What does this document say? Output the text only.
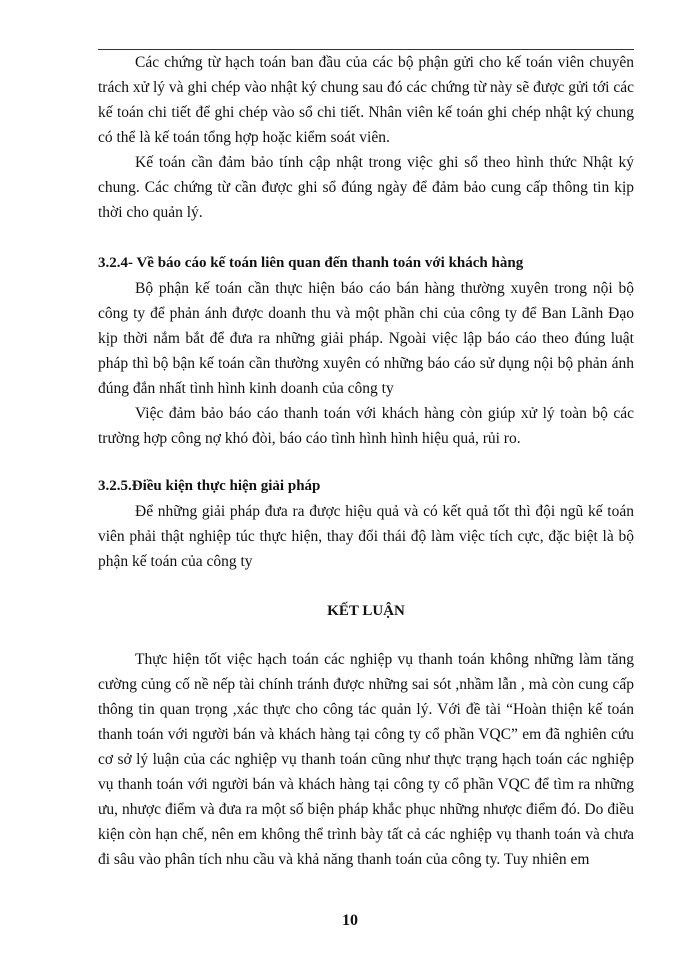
Các chứng từ hạch toán ban đầu của các bộ phận gửi cho kế toán viên chuyên trách xử lý và ghi chép vào nhật ký chung sau đó các chứng từ này sẽ được gửi tới các kế toán chi tiết để ghi chép vào sổ chi tiết. Nhân viên kế toán ghi chép nhật ký chung có thể là kế toán tổng hợp hoặc kiểm soát viên.

Kế toán cần đảm bảo tính cập nhật trong việc ghi sổ theo hình thức Nhật ký chung. Các chứng từ cần được ghi sổ đúng ngày để đảm bảo cung cấp thông tin kịp thời cho quản lý.

3.2.4- Về báo cáo kế toán liên quan đến thanh toán với khách hàng

Bộ phận kế toán cần thực hiện báo cáo bán hàng thường xuyên trong nội bộ công ty để phản ánh được doanh thu và một phần chi của công ty để Ban Lãnh Đạo kịp thời nắm bắt để đưa ra những giải pháp. Ngoài việc lập báo cáo theo đúng luật pháp thì bộ bận kế toán cần thường xuyên có những báo cáo sử dụng nội bộ phản ánh đúng đắn nhất tình hình kinh doanh của công ty

Việc đảm bảo báo cáo thanh toán với khách hàng còn giúp xử lý toàn bộ các trường hợp công nợ khó đòi, báo cáo tình hình hình hiệu quả, rủi ro.

3.2.5.Điều kiện thực hiện giải pháp

Để những giải pháp đưa ra được hiệu quả và có kết quả tốt thì đội ngũ kế toán viên phải thật nghiệp túc thực hiện, thay đổi thái độ làm việc tích cực, đặc biệt là bộ phận kế toán của công ty

KẾT LUẬN

Thực hiện tốt việc hạch toán các nghiệp vụ thanh toán không những làm tăng cường củng cố nề nếp tài chính tránh được những sai sót ,nhầm lẫn , mà còn cung cấp thông tin quan trọng ,xác thực cho công tác quản lý. Với đề tài “Hoàn thiện kế toán thanh toán với người bán và khách hàng tại công ty cổ phần VQC” em đã nghiên cứu cơ sở lý luận của các nghiệp vụ thanh toán cũng như thực trạng hạch toán các nghiệp vụ thanh toán với người bán và khách hàng tại công ty cổ phần VQC để tìm ra những ưu, nhược điểm và đưa ra một số biện pháp khắc phục những nhược điểm đó. Do điều kiện còn hạn chế, nên em không thể trình bày tất cả các nghiệp vụ thanh toán và chưa đi sâu vào phân tích nhu cầu và khả năng thanh toán của công ty. Tuy nhiên em

10
